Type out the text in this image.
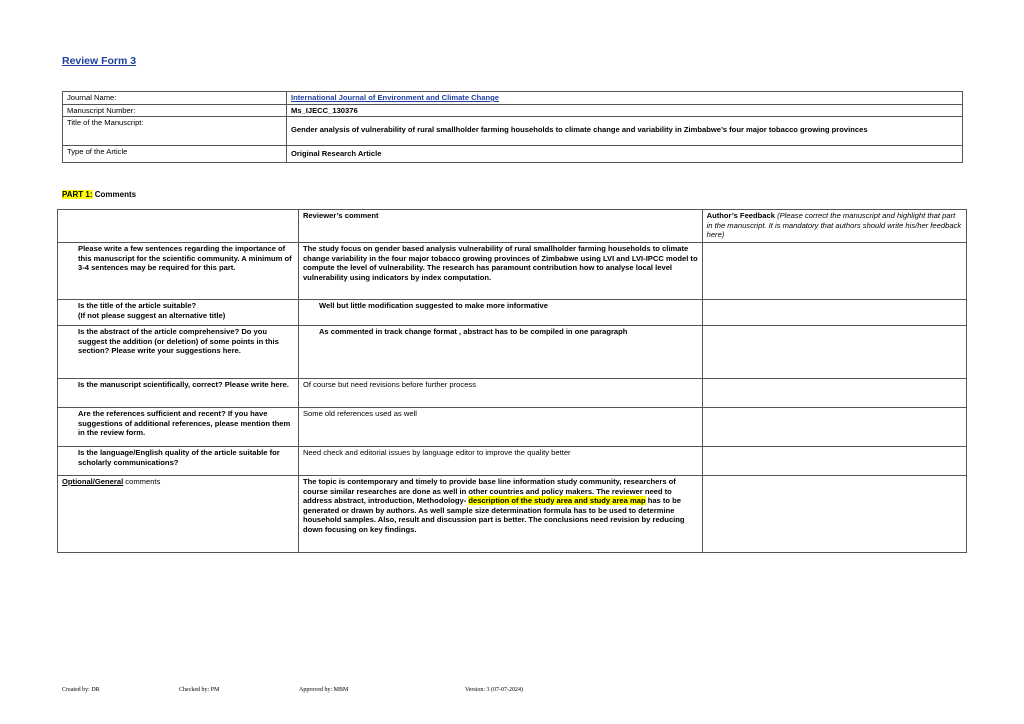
Review Form 3
Journal Name:	International Journal of Environment and Climate Change
Manuscript Number:	Ms_IJECC_130376
Title of the Manuscript:	Gender analysis of vulnerability of rural smallholder farming households to climate change and variability in Zimbabwe’s four major tobacco growing provinces
Type of the Article	Original Research Article
PART 1: Comments
	Reviewer’s comment	Author’s Feedback (Please correct the manuscript and highlight that part in the manuscript. It is mandatory that authors should write his/her feedback here)
Please write a few sentences regarding the importance of this manuscript for the scientific community. A minimum of 3-4 sentences may be required for this part.	The study focus on gender based analysis vulnerability of rural smallholder farming households to climate change variability in the four major tobacco growing provinces of Zimbabwe using LVI and LVI-IPCC model to compute the level of vulnerability. The research has paramount contribution how to analyse local level vulnerability using indicators by index computation.	
Is the title of the article suitable?
(If not please suggest an alternative title)	Well but little modification suggested to make more informative	
Is the abstract of the article comprehensive? Do you suggest the addition (or deletion) of some points in this section? Please write your suggestions here.	As commented in track change format , abstract has to be compiled in one paragraph	
Is the manuscript scientifically, correct? Please write here.	Of course but need revisions before further process	
Are the references sufficient and recent? If you have suggestions of additional references, please mention them in the review form.	Some old references used as well	
Is the language/English quality of the article suitable for scholarly communications?	Need check and editorial issues by language editor to improve the quality better	
Optional/General comments	The topic is contemporary and timely to provide base line information study community, researchers of course similar researches are done as well in other countries and policy makers. The reviewer need to address abstract, introduction, Methodology- description of the study area and study area map has to be generated or drawn by authors. As well sample size determination formula has to be used to determine household samples. Also, result and discussion part is better. The conclusions need revision by reducing down focusing on key findings.	
Created by: DR	Checked by: PM	Approved by: MBM	Version: 3 (07-07-2024)
